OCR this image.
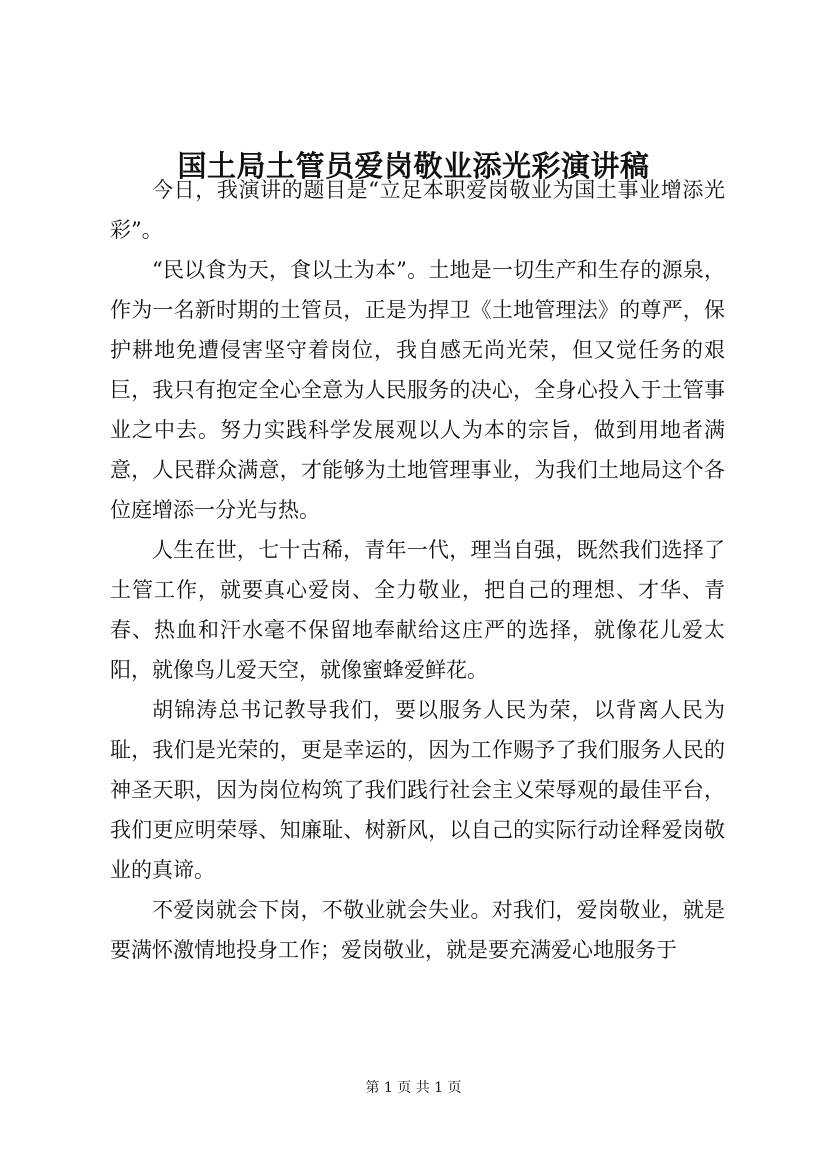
国土局土管员爱岗敬业添光彩演讲稿

今日，我演讲的题目是“立足本职爱岗敬业为国土事业增添光彩”。

“民以食为天，食以土为本”。土地是一切生产和生存的源泉，作为一名新时期的土管员，正是为捍卫《土地管理法》的尊严，保护耕地免遭侵害坚守着岗位，我自感无尚光荣，但又觉任务的艰巨，我只有抱定全心全意为人民服务的决心，全身心投入于土管事业之中去。努力实践科学发展观以人为本的宗旨，做到用地者满意，人民群众满意，才能够为土地管理事业，为我们土地局这个各位庭增添一分光与热。

人生在世，七十古稀，青年一代，理当自强，既然我们选择了土管工作，就要真心爱岗、全力敬业，把自己的理想、才华、青春、热血和汗水毫不保留地奉献给这庄严的选择，就像花儿爱太阳，就像鸟儿爱天空，就像蜜蜂爱鲜花。

胡锦涛总书记教导我们，要以服务人民为荣，以背离人民为耻，我们是光荣的，更是幸运的，因为工作赐予了我们服务人民的神圣天职，因为岗位构筑了我们践行社会主义荣辱观的最佳平台，我们更应明荣辱、知廉耻、树新风，以自己的实际行动诠释爱岗敬业的真谛。

不爱岗就会下岗，不敬业就会失业。对我们，爱岗敬业，就是要满怀激情地投身工作；爱岗敬业，就是要充满爱心地服务于

第 1 页 共 1 页
